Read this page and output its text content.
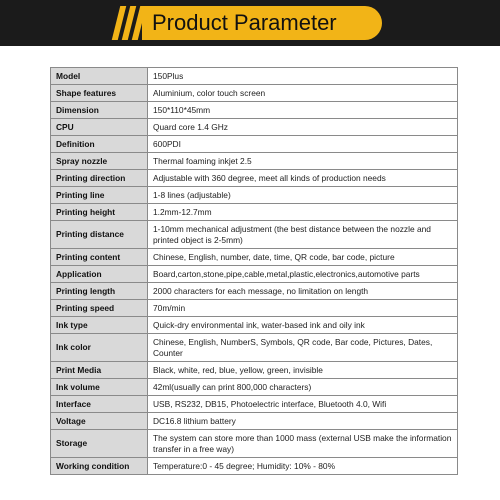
Product Parameter
Model	150Plus
Shape features	Aluminium, color touch screen
Dimension	150*110*45mm
CPU	Quard core 1.4 GHz
Definition	600PDI
Spray nozzle	Thermal foaming inkjet 2.5
Printing direction	Adjustable with 360 degree, meet all kinds of production needs
Printing line	1-8 lines (adjustable)
Printing height	1.2mm-12.7mm
Printing distance	1-10mm mechanical adjustment (the best distance between the nozzle and printed object is 2-5mm)
Printing content	Chinese, English, number, date, time, QR code, bar code, picture
Application	Board,carton,stone,pipe,cable,metal,plastic,electronics,automotive parts
Printing length	2000 characters for each message, no limitation on length
Printing speed	70m/min
Ink type	Quick-dry environmental ink, water-based ink and oily ink
Ink color	Chinese, English, NumberS, Symbols, QR code, Bar code, Pictures, Dates, Counter
Print Media	Black, white, red, blue, yellow, green, invisible
Ink volume	42ml(usually can print 800,000 characters)
Interface	USB, RS232, DB15, Photoelectric interface, Bluetooth 4.0, Wifi
Voltage	DC16.8 lithium battery
Storage	The system can store more than 1000 mass (external USB make the information transfer in a free way)
Working condition	Temperature:0 - 45 degree; Humidity: 10% - 80%
